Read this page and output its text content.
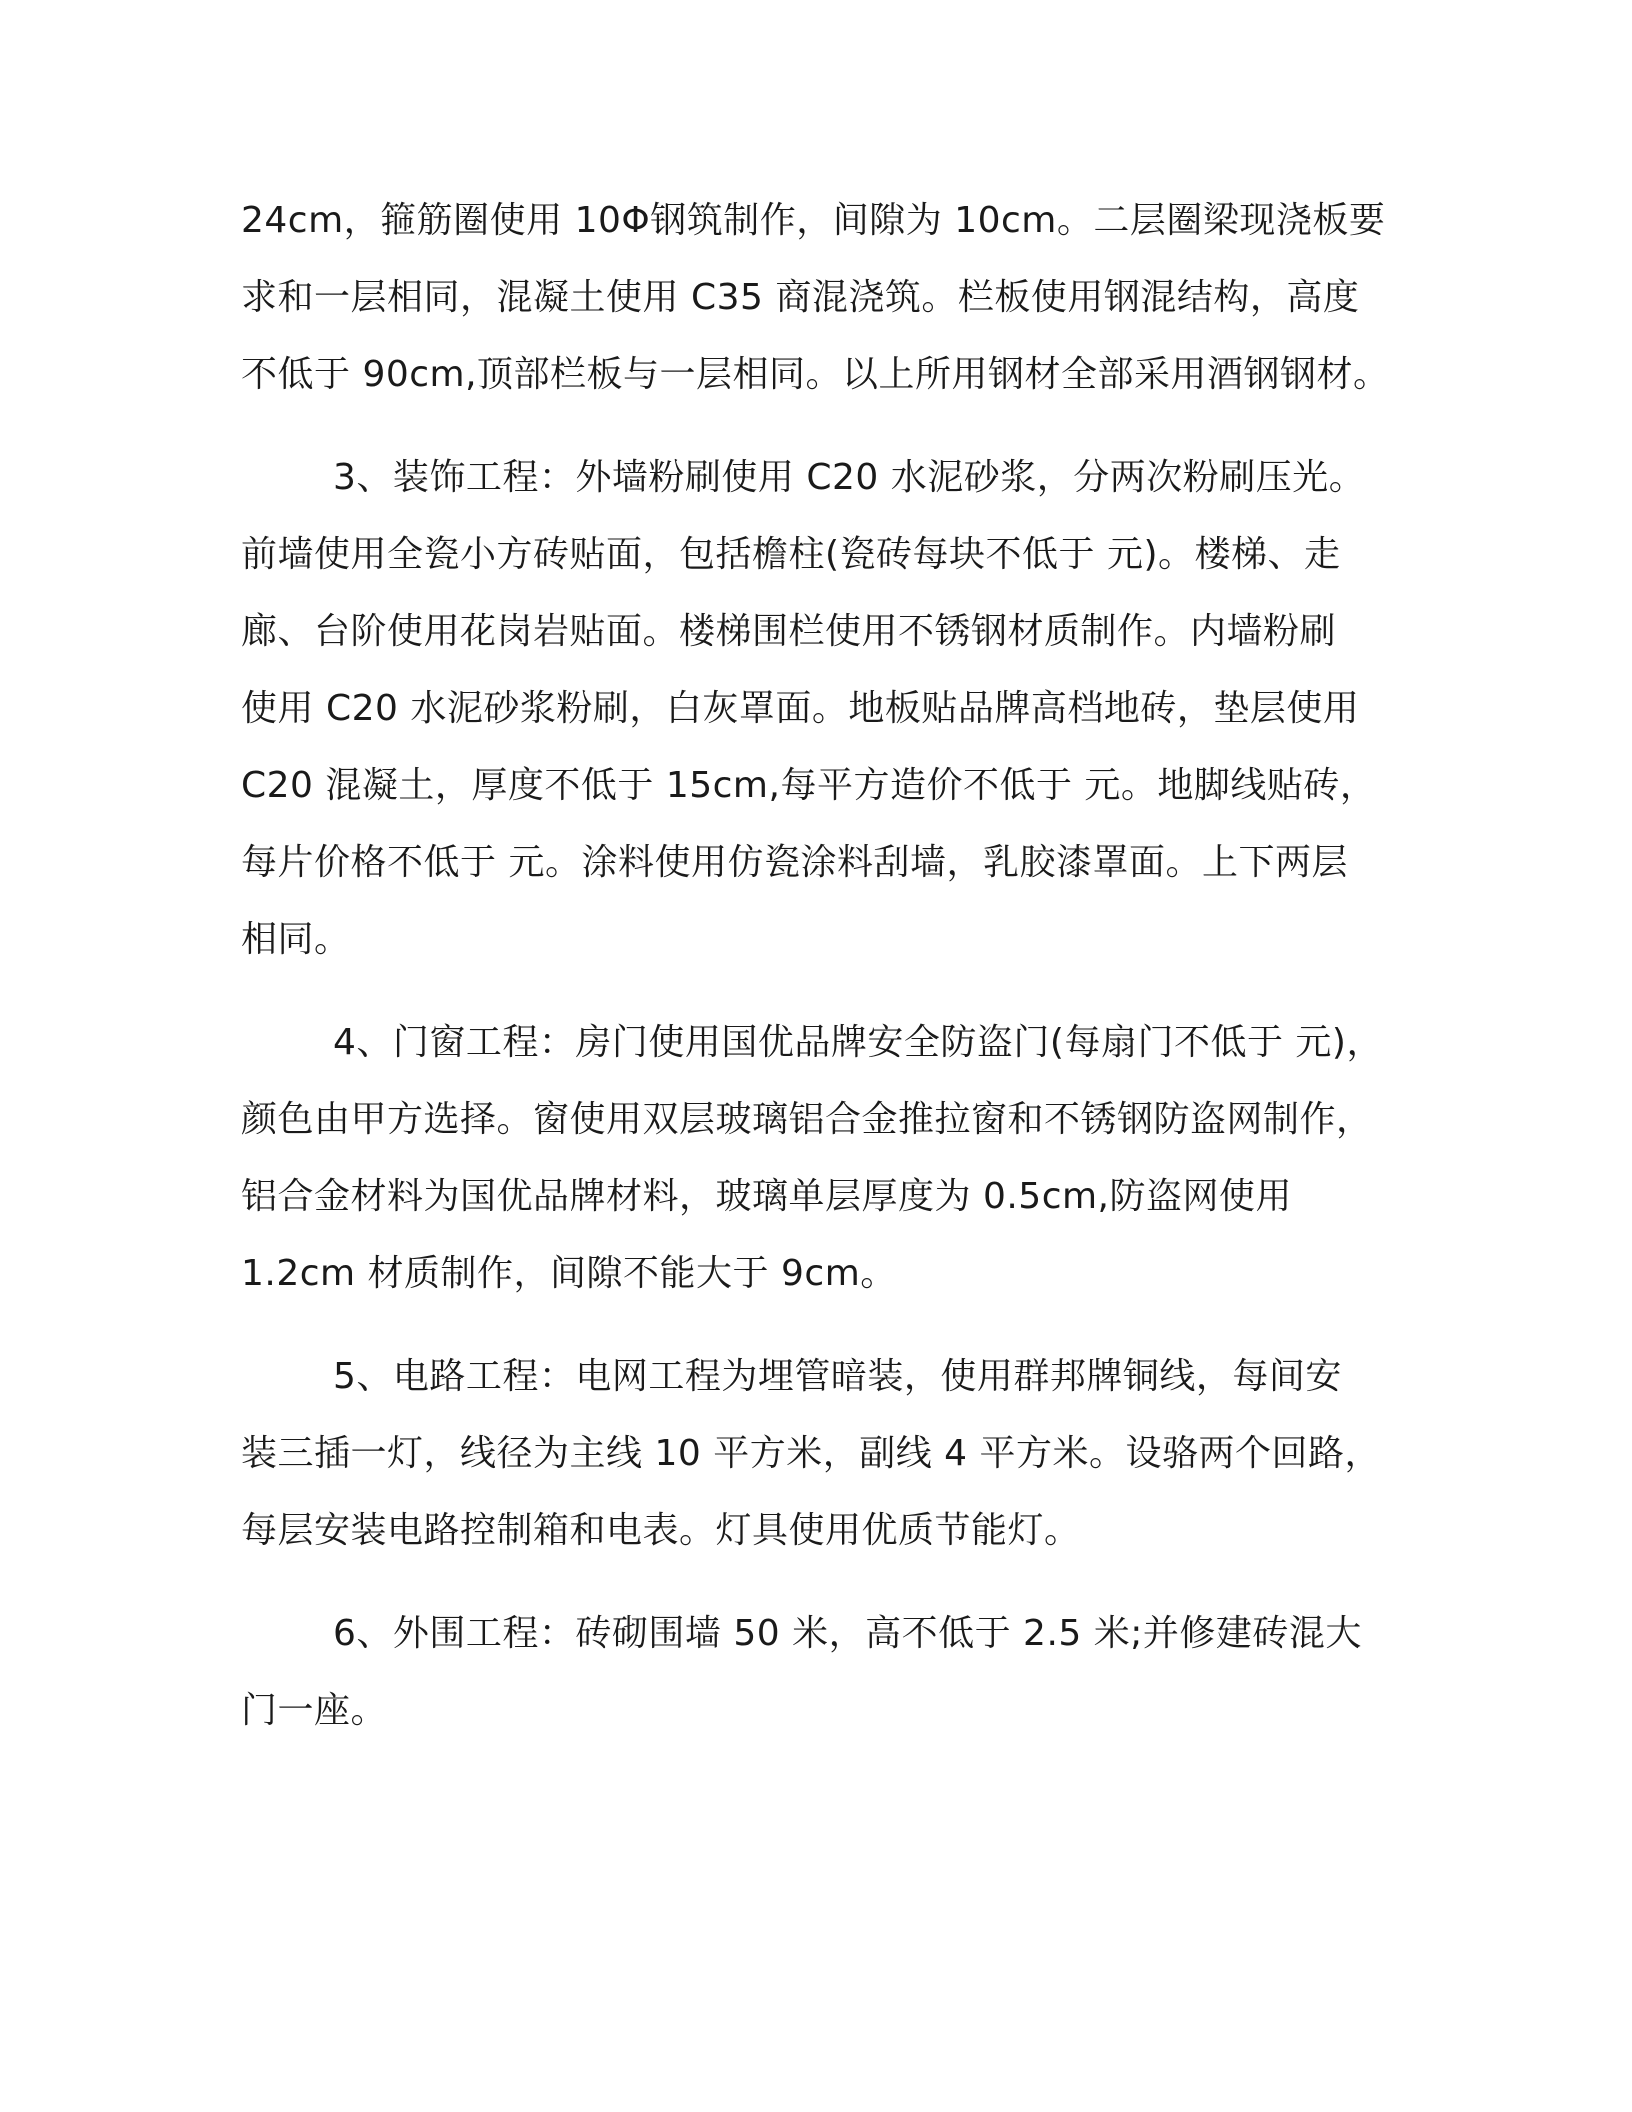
24cm，箍筋圈使用 10Φ钢筑制作，间隙为 10cm。二层圈梁现浇板要
求和一层相同，混凝土使用 C35 商混浇筑。栏板使用钢混结构，高度
不低于 90cm,顶部栏板与一层相同。以上所用钢材全部采用酒钢钢材。
3、装饰工程：外墙粉刷使用 C20 水泥砂浆，分两次粉刷压光。
前墙使用全瓷小方砖贴面，包括檐柱(瓷砖每块不低于 元)。楼梯、走
廊、台阶使用花岗岩贴面。楼梯围栏使用不锈钢材质制作。内墙粉刷
使用 C20 水泥砂浆粉刷，白灰罩面。地板贴品牌高档地砖，垫层使用
C20 混凝土，厚度不低于 15cm,每平方造价不低于 元。地脚线贴砖，
每片价格不低于 元。涂料使用仿瓷涂料刮墙，乳胶漆罩面。上下两层
相同。
4、门窗工程：房门使用国优品牌安全防盗门(每扇门不低于 元)，
颜色由甲方选择。窗使用双层玻璃铝合金推拉窗和不锈钢防盗网制作，
铝合金材料为国优品牌材料，玻璃单层厚度为 0.5cm,防盗网使用
1.2cm 材质制作，间隙不能大于 9cm。
5、电路工程：电网工程为埋管暗装，使用群邦牌铜线，每间安
装三插一灯，线径为主线 10 平方米，副线 4 平方米。设骆两个回路，
每层安装电路控制箱和电表。灯具使用优质节能灯。
6、外围工程：砖砌围墙 50 米，高不低于 2.5 米;并修建砖混大
门一座。
